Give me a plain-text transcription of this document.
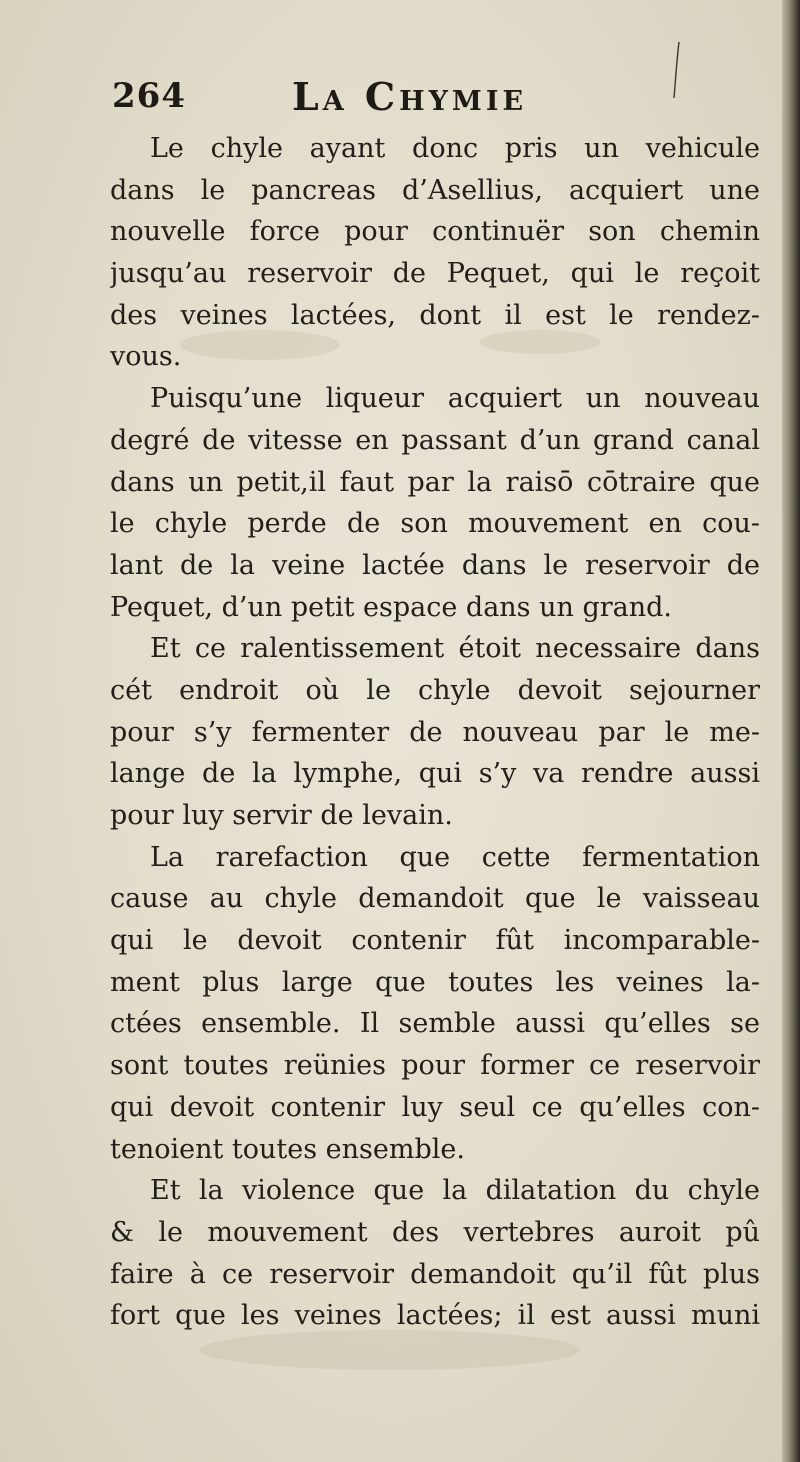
264	La Chymie
Le chyle ayant donc pris un vehicule
dans le pancreas d’Asellius, acquiert une
nouvelle force pour continuër son chemin
jusqu’au reservoir de Pequet, qui le reçoit
des veines lactées, dont il est le rendez-
vous.
Puisqu’une liqueur acquiert un nouveau
degré de vitesse en passant d’un grand canal
dans un petit,il faut par la raisō cōtraire que
le chyle perde de son mouvement en cou-
lant de la veine lactée dans le reservoir de
Pequet, d’un petit espace dans un grand.
Et ce ralentissement étoit necessaire dans
cét endroit où le chyle devoit sejourner
pour s’y fermenter de nouveau par le me-
lange de la lymphe, qui s’y va rendre aussi
pour luy servir de levain.
La rarefaction que cette fermentation
cause au chyle demandoit que le vaisseau
qui le devoit contenir fût incomparable-
ment plus large que toutes les veines la-
ctées ensemble. Il semble aussi qu’elles se
sont toutes reünies pour former ce reservoir
qui devoit contenir luy seul ce qu’elles con-
tenoient toutes ensemble.
Et la violence que la dilatation du chyle
& le mouvement des vertebres auroit pû
faire à ce reservoir demandoit qu’il fût plus
fort que les veines lactées; il est aussi muni
